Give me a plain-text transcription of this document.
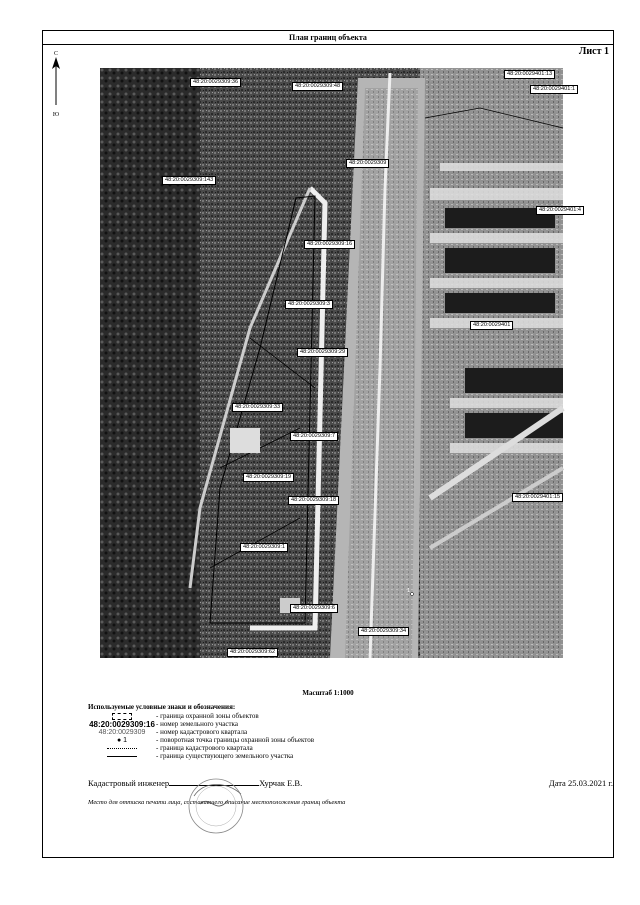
План границ объекта
Лист 1
С
Ю
1
48:20:0029309:36
48:20:0029309:48
48:20:0029401:13
48:20:0029401:1
48:20:0029309:143
48:20:0029309
48:20:0029401:4
48:20:0029309:16
48:20:0029309:3
48:20:0029401
48:20:0029309:29
48:20:0029309:33
48:20:0029309:7
48:20:0029309:19
48:20:0029309:18	48:20:0029401:15
48:20:0029309:1
48:20:0029309:6
48:20:0029309:34
48:20:0029309:62
Масштаб 1:1000
Используемые условные знаки и обозначения:
- граница охранной зоны объектов
48:20:0029309:16 - номер земельного участка
48:20:0029309	- номер кадастрового квартала
● 1	- поворотная точка границы охранной зоны объектов
- граница кадастрового квартала
- граница существующего земельного участка
Кадастровый инженер	Хурчак Е.В.	Дата 25.03.2021 г.
Место для оттиска печати лица, составившего описание местоположения границ объекта
